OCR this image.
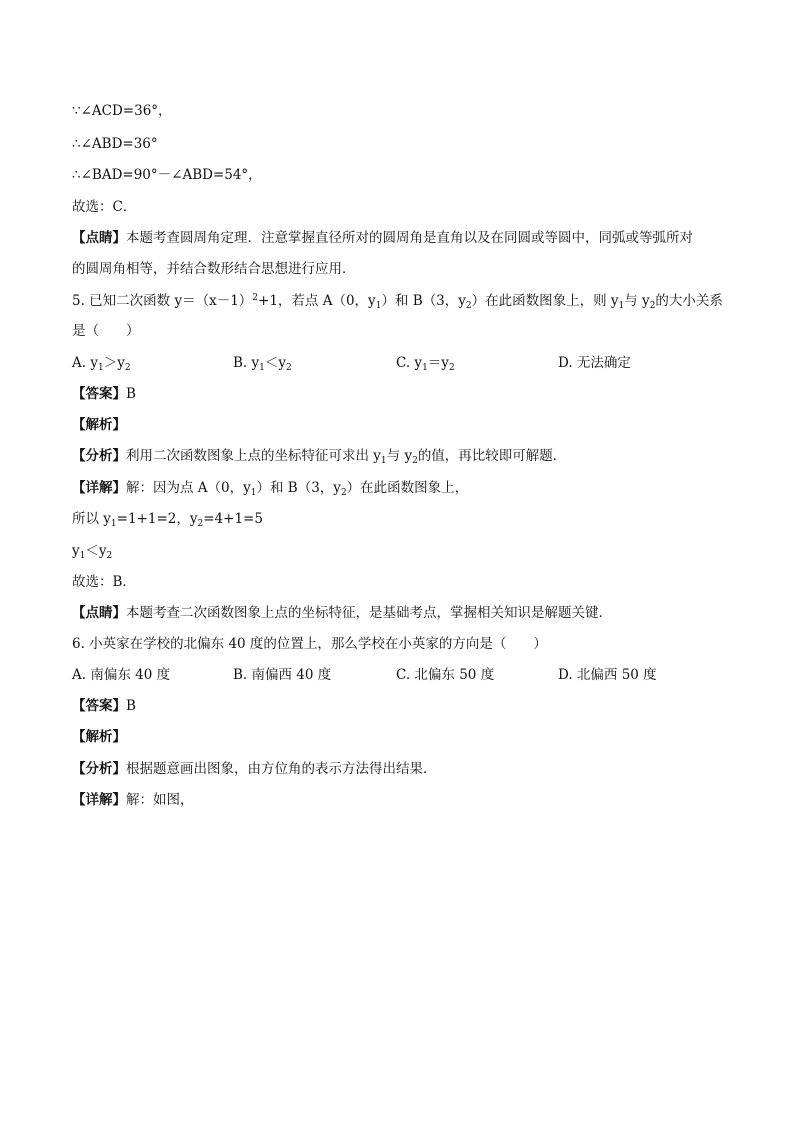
∵∠ACD=36°，
∴∠ABD=36°
∴∠BAD=90°－∠ABD=54°，
故选：C．
【点睛】本题考查圆周角定理．注意掌握直径所对的圆周角是直角以及在同圆或等圆中，同弧或等弧所对
的圆周角相等，并结合数形结合思想进行应用．
5. 已知二次函数 $y=(x-1)^2+1$，若点 A（0，$y_1$）和 B（3，$y_2$）在此函数图象上，则 $y_1$与 $y_2$的大小关系
是（　　）
A. $y_1>y_2$	B. $y_1<y_2$	C. $y_1=y_2$	D. 无法确定
【答案】B
【解析】
【分析】利用二次函数图象上点的坐标特征可求出 $y_1$与 $y_2$的值，再比较即可解题．
【详解】解：因为点 A（0，$y_1$）和 B（3，$y_2$）在此函数图象上，
所以 $y_1=1+1=2$，$y_2=4+1=5$
$y_1<y_2$
故选：B．
【点睛】本题考查二次函数图象上点的坐标特征，是基础考点，掌握相关知识是解题关键．
6. 小英家在学校的北偏东 40 度的位置上，那么学校在小英家的方向是（　　）
A. 南偏东 40 度	B. 南偏西 40 度	C. 北偏东 50 度	D. 北偏西 50 度
【答案】B
【解析】
【分析】根据题意画出图象，由方位角的表示方法得出结果．
【详解】解：如图，
